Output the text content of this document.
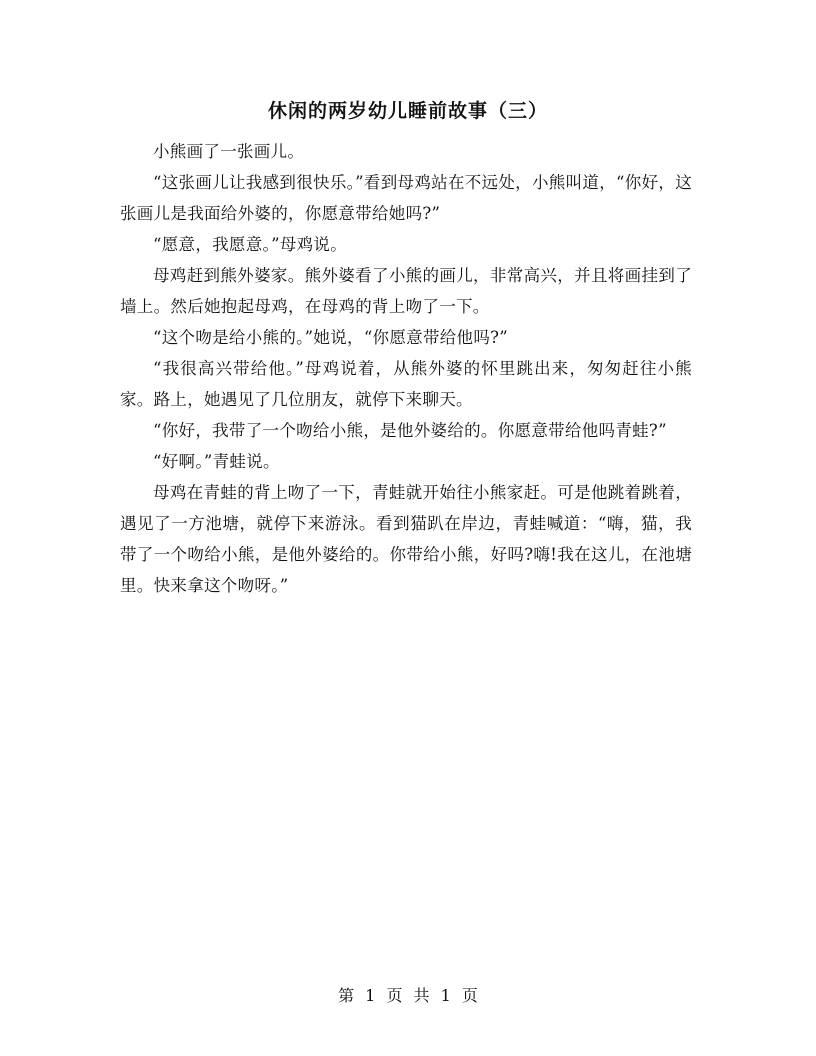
休闲的两岁幼儿睡前故事（三）

小熊画了一张画儿。

“这张画儿让我感到很快乐。”看到母鸡站在不远处，小熊叫道，“你好，这张画儿是我面给外婆的，你愿意带给她吗?”

“愿意，我愿意。”母鸡说。

母鸡赶到熊外婆家。熊外婆看了小熊的画儿，非常高兴，并且将画挂到了墙上。然后她抱起母鸡，在母鸡的背上吻了一下。

“这个吻是给小熊的。”她说，“你愿意带给他吗?”

“我很高兴带给他。”母鸡说着，从熊外婆的怀里跳出来，匆匆赶往小熊家。路上，她遇见了几位朋友，就停下来聊天。

“你好，我带了一个吻给小熊，是他外婆给的。你愿意带给他吗青蛙?”

“好啊。”青蛙说。

母鸡在青蛙的背上吻了一下，青蛙就开始往小熊家赶。可是他跳着跳着，遇见了一方池塘，就停下来游泳。看到猫趴在岸边，青蛙喊道：“嗨，猫，我带了一个吻给小熊，是他外婆给的。你带给小熊，好吗?嗨!我在这儿，在池塘里。快来拿这个吻呀。”

第 1 页 共 1 页
